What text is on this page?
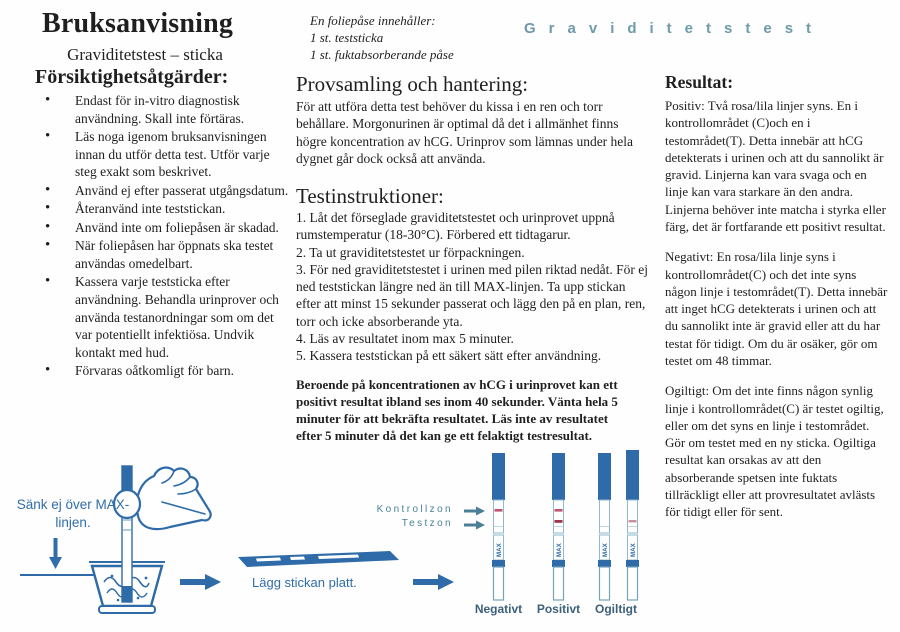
Bruksanvisning
Graviditetstest – sticka
En foliepåse innehåller:
1 st. teststicka
1 st. fuktabsorberande påse
Graviditetstest
Försiktighetsåtgärder:
• Endast för in-vitro diagnostisk användning. Skall inte förtäras.
• Läs noga igenom bruksanvisningen innan du utför detta test. Utför varje steg exakt som beskrivet.
• Använd ej efter passerat utgångsdatum.
• Återanvänd inte teststickan.
• Använd inte om foliepåsen är skadad.
• När foliepåsen har öppnats ska testet användas omedelbart.
• Kassera varje teststicka efter användning. Behandla urinprover och använda testanordningar som om det var potentiellt infektiösa. Undvik kontakt med hud.
• Förvaras oåtkomligt för barn.
Provsamling och hantering:

För att utföra detta test behöver du kissa i en ren och torr behållare. Morgonurinen är optimal då det i allmänhet finns högre koncentration av hCG. Urinprov som lämnas under hela dygnet går dock också att använda.

Testinstruktioner:

1. Låt det förseglade graviditetstestet och urinprovet uppnå rumstemperatur (18-30°C). Förbered ett tidtagarur.

2. Ta ut graviditetstestet ur förpackningen.

3. För ned graviditetstestet i urinen med pilen riktad nedåt. För ej ned teststickan längre ned än till MAX-linjen. Ta upp stickan efter att minst 15 sekunder passerat och lägg den på en plan, ren, torr och icke absorberande yta.

4. Läs av resultatet inom max 5 minuter.

5. Kassera teststickan på ett säkert sätt efter användning.

Beroende på koncentrationen av hCG i urinprovet kan ett positivt resultat ibland ses inom 40 sekunder. Vänta hela 5 minuter för att bekräfta resultatet. Läs inte av resultatet efter 5 minuter då det kan ge ett felaktigt testresultat.

Resultat:

Positiv: Två rosa/lila linjer syns. En i kontrollområdet (C)och en i testområdet(T). Detta innebär att hCG detekterats i urinen och att du sannolikt är gravid. Linjerna kan vara svaga och en linje kan vara starkare än den andra. Linjerna behöver inte matcha i styrka eller färg, det är fortfarande ett positivt resultat.

Negativt: En rosa/lila linje syns i kontrollområdet(C) och det inte syns någon linje i testområdet(T). Detta innebär att inget hCG detekterats i urinen och att du sannolikt inte är gravid eller att du har testat för tidigt. Om du är osäker, gör om testet om 48 timmar.

Ogiltigt: Om det inte finns någon synlig linje i kontrollområdet(C) är testet ogiltig, eller om det syns en linje i testområdet. Gör om testet med en ny sticka. Ogiltiga resultat kan orsakas av att den absorberande spetsen inte fuktats tillräckligt eller att provresultatet avlästs för tidigt eller för sent.

MAX	MAX	MAX	MAX
Sänk ej över MAX-linjen.
Lägg stickan platt.
Kontrollzon
Testzon
Negativt	Positivt	Ogiltigt
